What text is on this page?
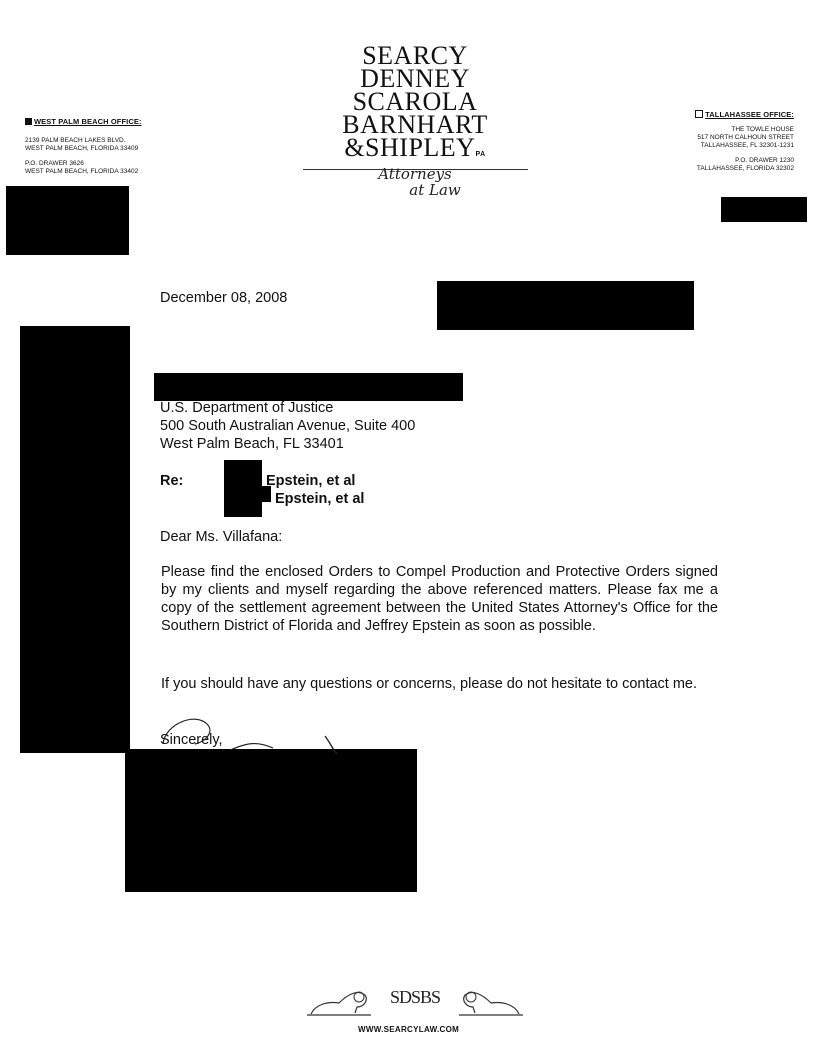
WEST PALM BEACH OFFICE:
2139 PALM BEACH LAKES BLVD.
WEST PALM BEACH, FLORIDA 33409
P.O. DRAWER 3626
WEST PALM BEACH, FLORIDA 33402
TALLAHASSEE OFFICE:
THE TOWLE HOUSE
517 NORTH CALHOUN STREET
TALLAHASSEE, FL 32301-1231
P.O. DRAWER 1230
TALLAHASSEE, FLORIDA 32302
SEARCY
DENNEY
SCAROLA
BARNHART
&SHIPLEYPA
Attorneys
at Law
December 08, 2008
U.S. Department of Justice
500 South Australian Avenue, Suite 400
West Palm Beach, FL 33401
Re:	Epstein, et al
Epstein, et al
Dear Ms. Villafana:
Please find the enclosed Orders to Compel Production and Protective Orders signed by my clients and myself regarding the above referenced matters. Please fax me a copy of the settlement agreement between the United States Attorney's Office for the Southern District of Florida and Jeffrey Epstein as soon as possible.
If you should have any questions or concerns, please do not hesitate to contact me.
Sincerely,
SDSBS
WWW.SEARCYLAW.COM
